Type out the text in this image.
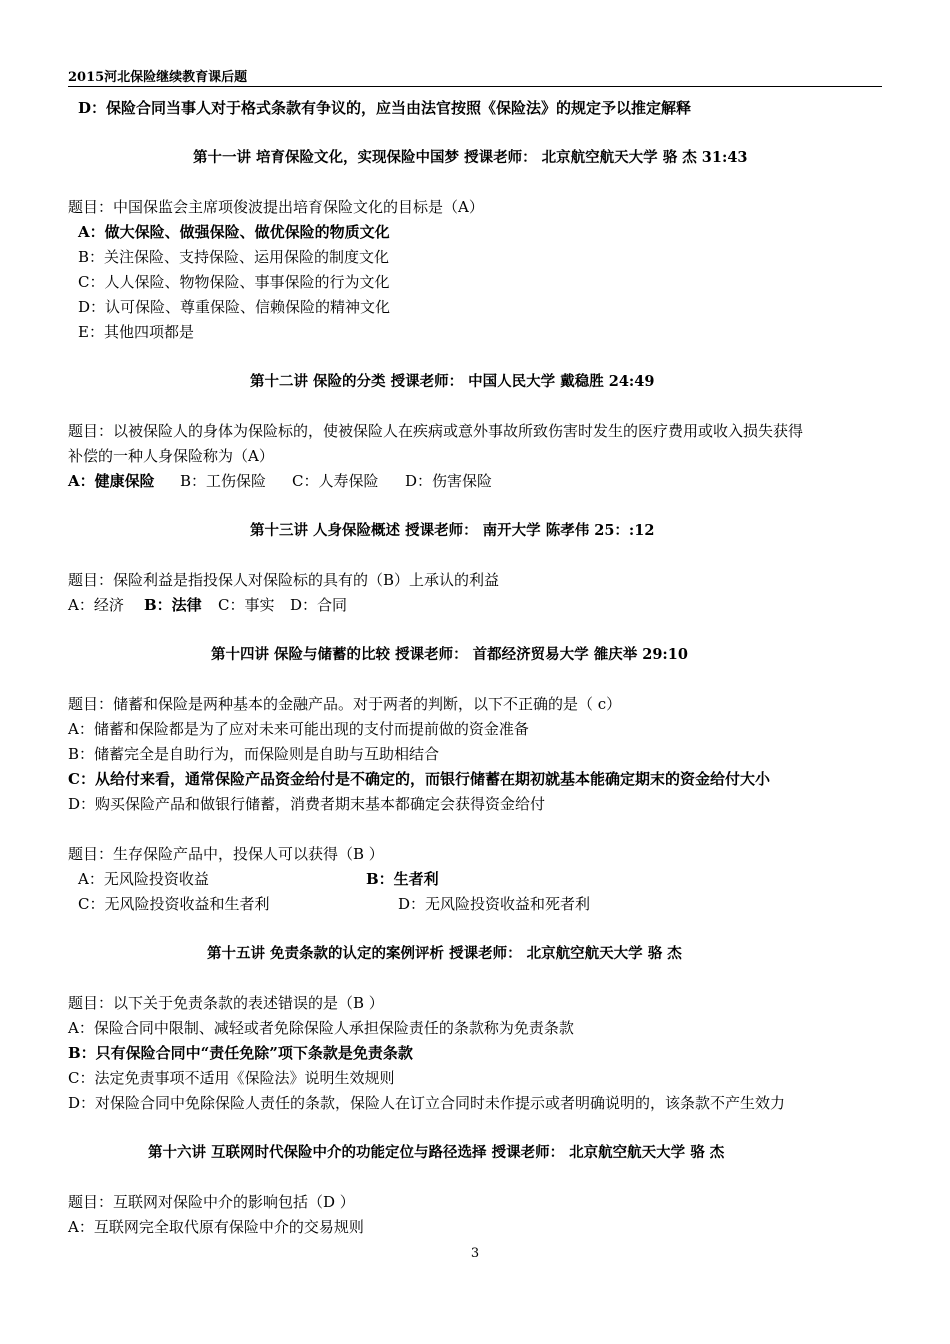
2015河北保险继续教育课后题
D：保险合同当事人对于格式条款有争议的，应当由法官按照《保险法》的规定予以推定解释
第十一讲 培育保险文化，实现保险中国梦 授课老师： 北京航空航天大学 骆 杰 31:43
题目：中国保监会主席项俊波提出培育保险文化的目标是（A）
A：做大保险、做强保险、做优保险的物质文化
B：关注保险、支持保险、运用保险的制度文化
C：人人保险、物物保险、事事保险的行为文化
D：认可保险、尊重保险、信赖保险的精神文化
E：其他四项都是
第十二讲 保险的分类 授课老师： 中国人民大学 戴稳胜 24:49
题目：以被保险人的身体为保险标的，使被保险人在疾病或意外事故所致伤害时发生的医疗费用或收入损失获得
补偿的一种人身保险称为（A）
A：健康保险 B：工伤保险 C：人寿保险 D：伤害保险
第十三讲 人身保险概述 授课老师： 南开大学 陈孝伟 25：:12
题目：保险利益是指投保人对保险标的具有的（B）上承认的利益
A：经济 B：法律 C：事实 D：合同
第十四讲 保险与储蓄的比较 授课老师： 首都经济贸易大学 雒庆举 29:10
题目：储蓄和保险是两种基本的金融产品。对于两者的判断，以下不正确的是（ c）
A：储蓄和保险都是为了应对未来可能出现的支付而提前做的资金准备
B：储蓄完全是自助行为，而保险则是自助与互助相结合
C：从给付来看，通常保险产品资金给付是不确定的，而银行储蓄在期初就基本能确定期末的资金给付大小
D：购买保险产品和做银行储蓄，消费者期末基本都确定会获得资金给付
题目：生存保险产品中，投保人可以获得（B ）
A：无风险投资收益	B：生者利
C：无风险投资收益和生者利	D：无风险投资收益和死者利
第十五讲 免责条款的认定的案例评析 授课老师： 北京航空航天大学 骆 杰
题目：以下关于免责条款的表述错误的是（B ）
A：保险合同中限制、减轻或者免除保险人承担保险责任的条款称为免责条款
B：只有保险合同中“责任免除”项下条款是免责条款
C：法定免责事项不适用《保险法》说明生效规则
D：对保险合同中免除保险人责任的条款，保险人在订立合同时未作提示或者明确说明的，该条款不产生效力
第十六讲 互联网时代保险中介的功能定位与路径选择 授课老师： 北京航空航天大学 骆 杰
题目：互联网对保险中介的影响包括（D ）
A：互联网完全取代原有保险中介的交易规则
3
